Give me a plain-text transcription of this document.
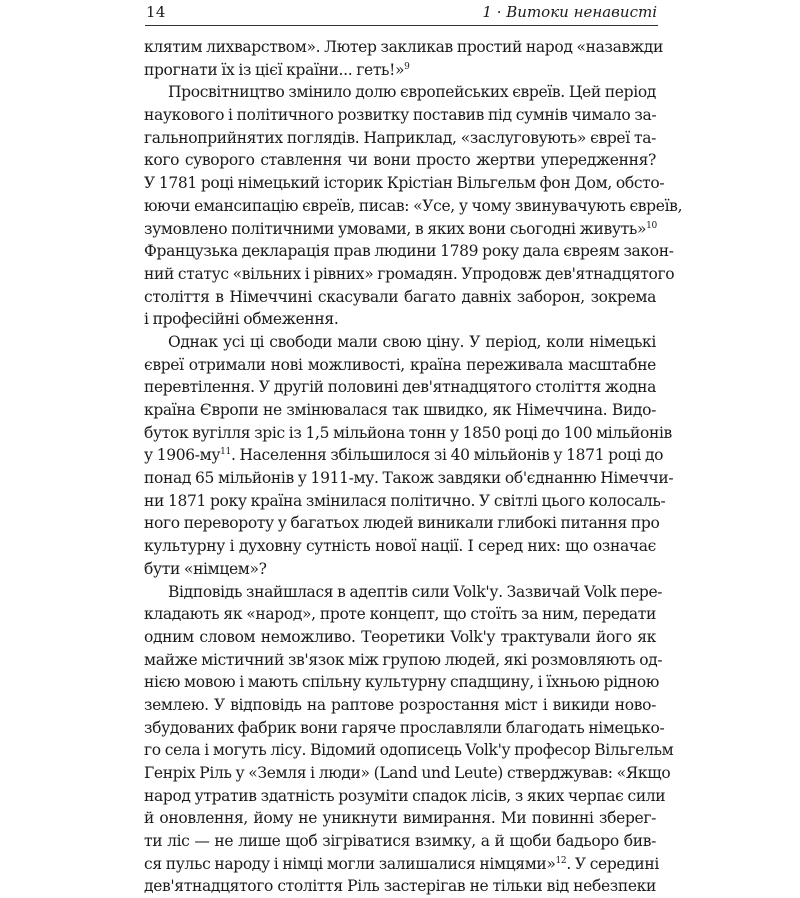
14	1 · Витоки ненависті
клятим лихварством». Лютер закликав простий народ «назавжди
прогнати їх із цієї країни... геть!»$^9$
Просвітництво змінило долю європейських євреїв. Цей період
наукового і політичного розвитку поставив під сумнів чимало за-
гальноприйнятих поглядів. Наприклад, «заслуговують» євреї та-
кого суворого ставлення чи вони просто жертви упередження?
У 1781 році німецький історик Крістіан Вільгельм фон Дом, обсто-
юючи емансипацію євреїв, писав: «Усе, у чому звинувачують євреїв,
зумовлено політичними умовами, в яких вони сьогодні живуть»$^{10}$
Французька декларація прав людини 1789 року дала євреям закон-
ний статус «вільних і рівних» громадян. Упродовж дев'ятнадцятого
століття в Німеччині скасували багато давніх заборон, зокрема
і професійні обмеження.
Однак усі ці свободи мали свою ціну. У період, коли німецькі
євреї отримали нові можливості, країна переживала масштабне
перевтілення. У другій половині дев'ятнадцятого століття жодна
країна Європи не змінювалася так швидко, як Німеччина. Видо-
буток вугілля зріс із 1,5 мільйона тонн у 1850 році до 100 мільйонів
у $1906-му^{11}$. Населення збільшилося зі 40 мільйонів у 1871 році до
понад 65 мільйонів у 1911-му. Також завдяки об'єднанню Німеччи-
ни 1871 року країна змінилася політично. У світлі цього колосаль-
ного перевороту у багатьох людей виникали глибокі питання про
культурну і духовну сутність нової нації. І серед них: що означає
бути «німцем»?
Відповідь знайшлася в адептів сили Volk'у. Зазвичай Volk пере-
кладають як «народ», проте концепт, що стоїть за ним, передати
одним словом неможливо. Теоретики Volk'у трактували його як
майже містичний зв'язок між групою людей, які розмовляють од-
нією мовою і мають спільну культурну спадщину, і їхньою рідною
землею. У відповідь на раптове розростання міст і викиди ново-
збудованих фабрик вони гаряче прославляли благодать німецько-
го села і могуть лісу. Відомий одописець Volk'у професор Вільгельм
Генріх Ріль у «Земля і люди» (Land und Leute) стверджував: «Якщо
народ утратив здатність розуміти спадок лісів, з яких черпає сили
й оновлення, йому не уникнути вимирання. Ми повинні зберег-
ти ліс — не лише щоб зігріватися взимку, а й щоби бадьоро бив-
ся пульс народу і німці могли залишалися німцями»$^{12}$. У середині
дев'ятнадцятого століття Ріль застерігав не тільки від небезпеки
